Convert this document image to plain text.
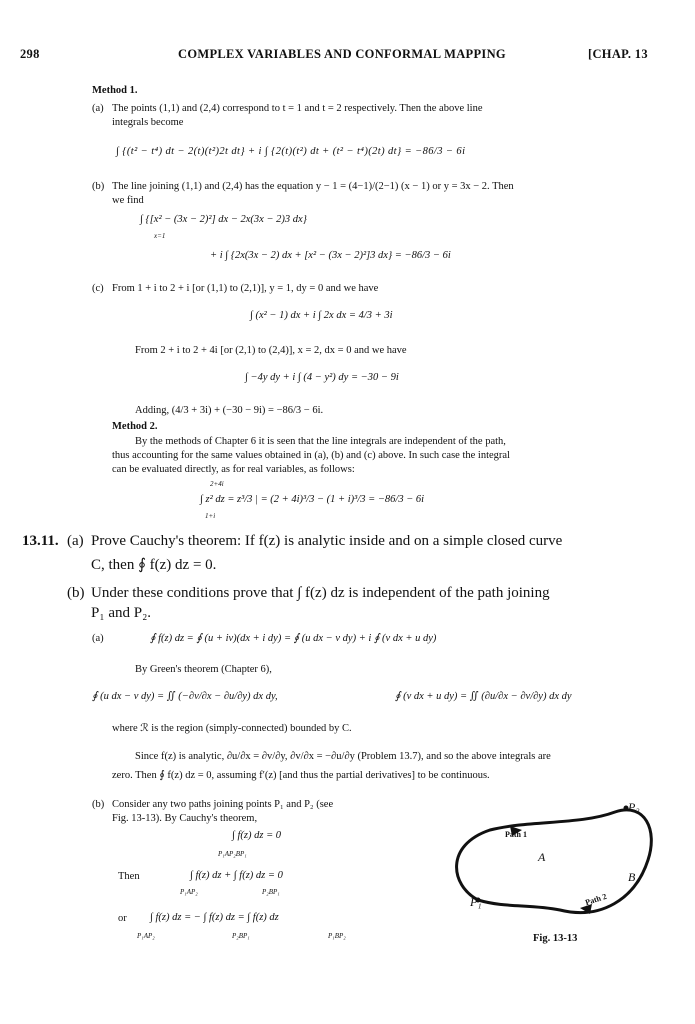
298	COMPLEX VARIABLES AND CONFORMAL MAPPING	[CHAP. 13
Method 1.
(a) The points (1,1) and (2,4) correspond to t = 1 and t = 2 respectively. Then the above line
integrals become
∫ {(t² − t⁴) dt − 2(t)(t²)2t dt} + i ∫ {2(t)(t²) dt + (t² − t⁴)(2t) dt} = −86/3 − 6i
(b) The line joining (1,1) and (2,4) has the equation y − 1 = (4−1)/(2−1) (x − 1) or y = 3x − 2. Then
we find
∫ {[x² − (3x − 2)²] dx − 2x(3x − 2)3 dx}
x=1
+ i ∫ {2x(3x − 2) dx + [x² − (3x − 2)²]3 dx} = −86/3 − 6i
(c) From 1 + i to 2 + i [or (1,1) to (2,1)], y = 1, dy = 0 and we have
∫ (x² − 1) dx + i ∫ 2x dx = 4/3 + 3i
From 2 + i to 2 + 4i [or (2,1) to (2,4)], x = 2, dx = 0 and we have
∫ −4y dy + i ∫ (4 − y²) dy = −30 − 9i
Adding, (4/3 + 3i) + (−30 − 9i) = −86/3 − 6i.
Method 2.
By the methods of Chapter 6 it is seen that the line integrals are independent of the path,
thus accounting for the same values obtained in (a), (b) and (c) above. In such case the integral
can be evaluated directly, as for real variables, as follows:
2+4i
∫ z² dz = z³/3 | = (2 + 4i)³/3 − (1 + i)³/3 = −86/3 − 6i
1+i
13.11. (a) Prove Cauchy's theorem: If f(z) is analytic inside and on a simple closed curve
C, then ∮ f(z) dz = 0.
(b) Under these conditions prove that ∫ f(z) dz is independent of the path joining
P₁ and P₂.
(a)	∮ f(z) dz = ∮ (u + iv)(dx + i dy) = ∮ (u dx − v dy) + i ∮ (v dx + u dy)
By Green's theorem (Chapter 6),
∮ (u dx − v dy) = ∬ (−∂v/∂x − ∂u/∂y) dx dy,	∮ (v dx + u dy) = ∬ (∂u/∂x − ∂v/∂y) dx dy
where ℛ is the region (simply-connected) bounded by C.
Since f(z) is analytic, ∂u/∂x = ∂v/∂y, ∂v/∂x = −∂u/∂y (Problem 13.7), and so the above integrals are
zero. Then ∮ f(z) dz = 0, assuming f′(z) [and thus the partial derivatives] to be continuous.
(b) Consider any two paths joining points P₁ and P₂ (see
Fig. 13-13). By Cauchy's theorem,
∫ f(z) dz = 0
P₁AP₂BP₁
Then	∫ f(z) dz + ∫ f(z) dz = 0
P₁AP₂	P₂BP₁
or ∫ f(z) dz = − ∫ f(z) dz = ∫ f(z) dz
P₁AP₂	P₂BP₁	P₁BP₂
Path 1
A
B
P₁
P₂
Path 2
Fig. 13-13
